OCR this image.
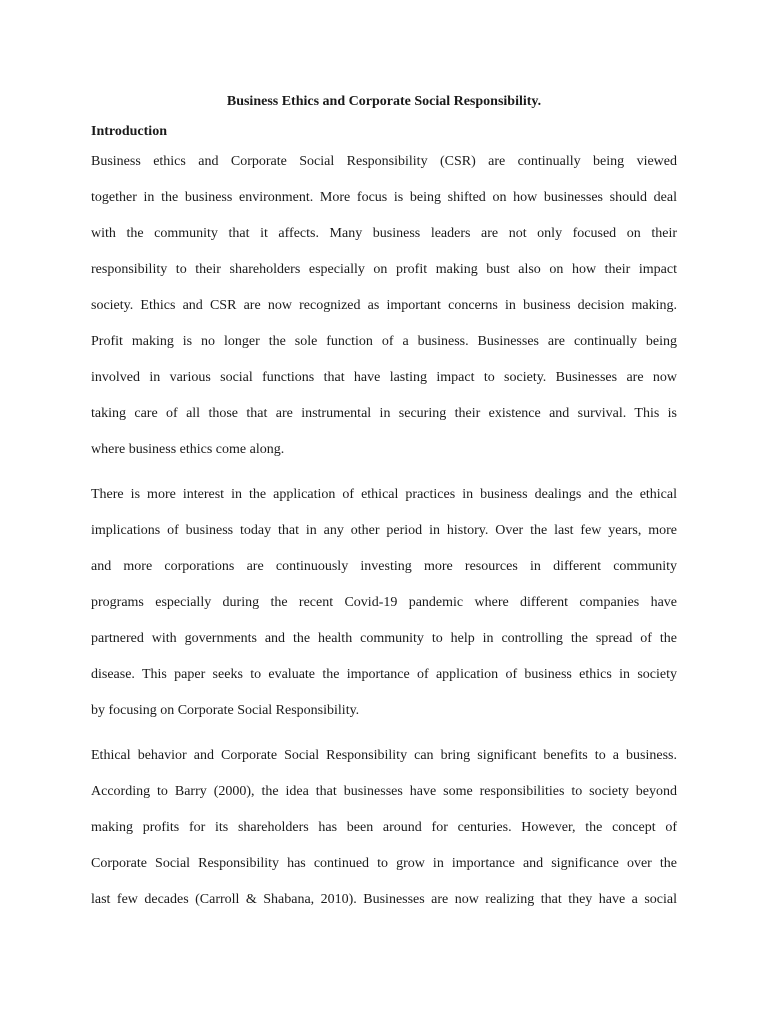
Business Ethics and Corporate Social Responsibility.
Introduction

Business ethics and Corporate Social Responsibility (CSR) are continually being viewed
together in the business environment. More focus is being shifted on how businesses should deal
with the community that it affects. Many business leaders are not only focused on their
responsibility to their shareholders especially on profit making bust also on how their impact
society. Ethics and CSR are now recognized as important concerns in business decision making.
Profit making is no longer the sole function of a business. Businesses are continually being
involved in various social functions that have lasting impact to society. Businesses are now
taking care of all those that are instrumental in securing their existence and survival. This is
where business ethics come along.

There is more interest in the application of ethical practices in business dealings and the ethical
implications of business today that in any other period in history. Over the last few years, more
and more corporations are continuously investing more resources in different community
programs especially during the recent Covid-19 pandemic where different companies have
partnered with governments and the health community to help in controlling the spread of the
disease. This paper seeks to evaluate the importance of application of business ethics in society
by focusing on Corporate Social Responsibility.

Ethical behavior and Corporate Social Responsibility can bring significant benefits to a business.
According to Barry (2000), the idea that businesses have some responsibilities to society beyond
making profits for its shareholders has been around for centuries. However, the concept of
Corporate Social Responsibility has continued to grow in importance and significance over the
last few decades (Carroll & Shabana, 2010). Businesses are now realizing that they have a social
